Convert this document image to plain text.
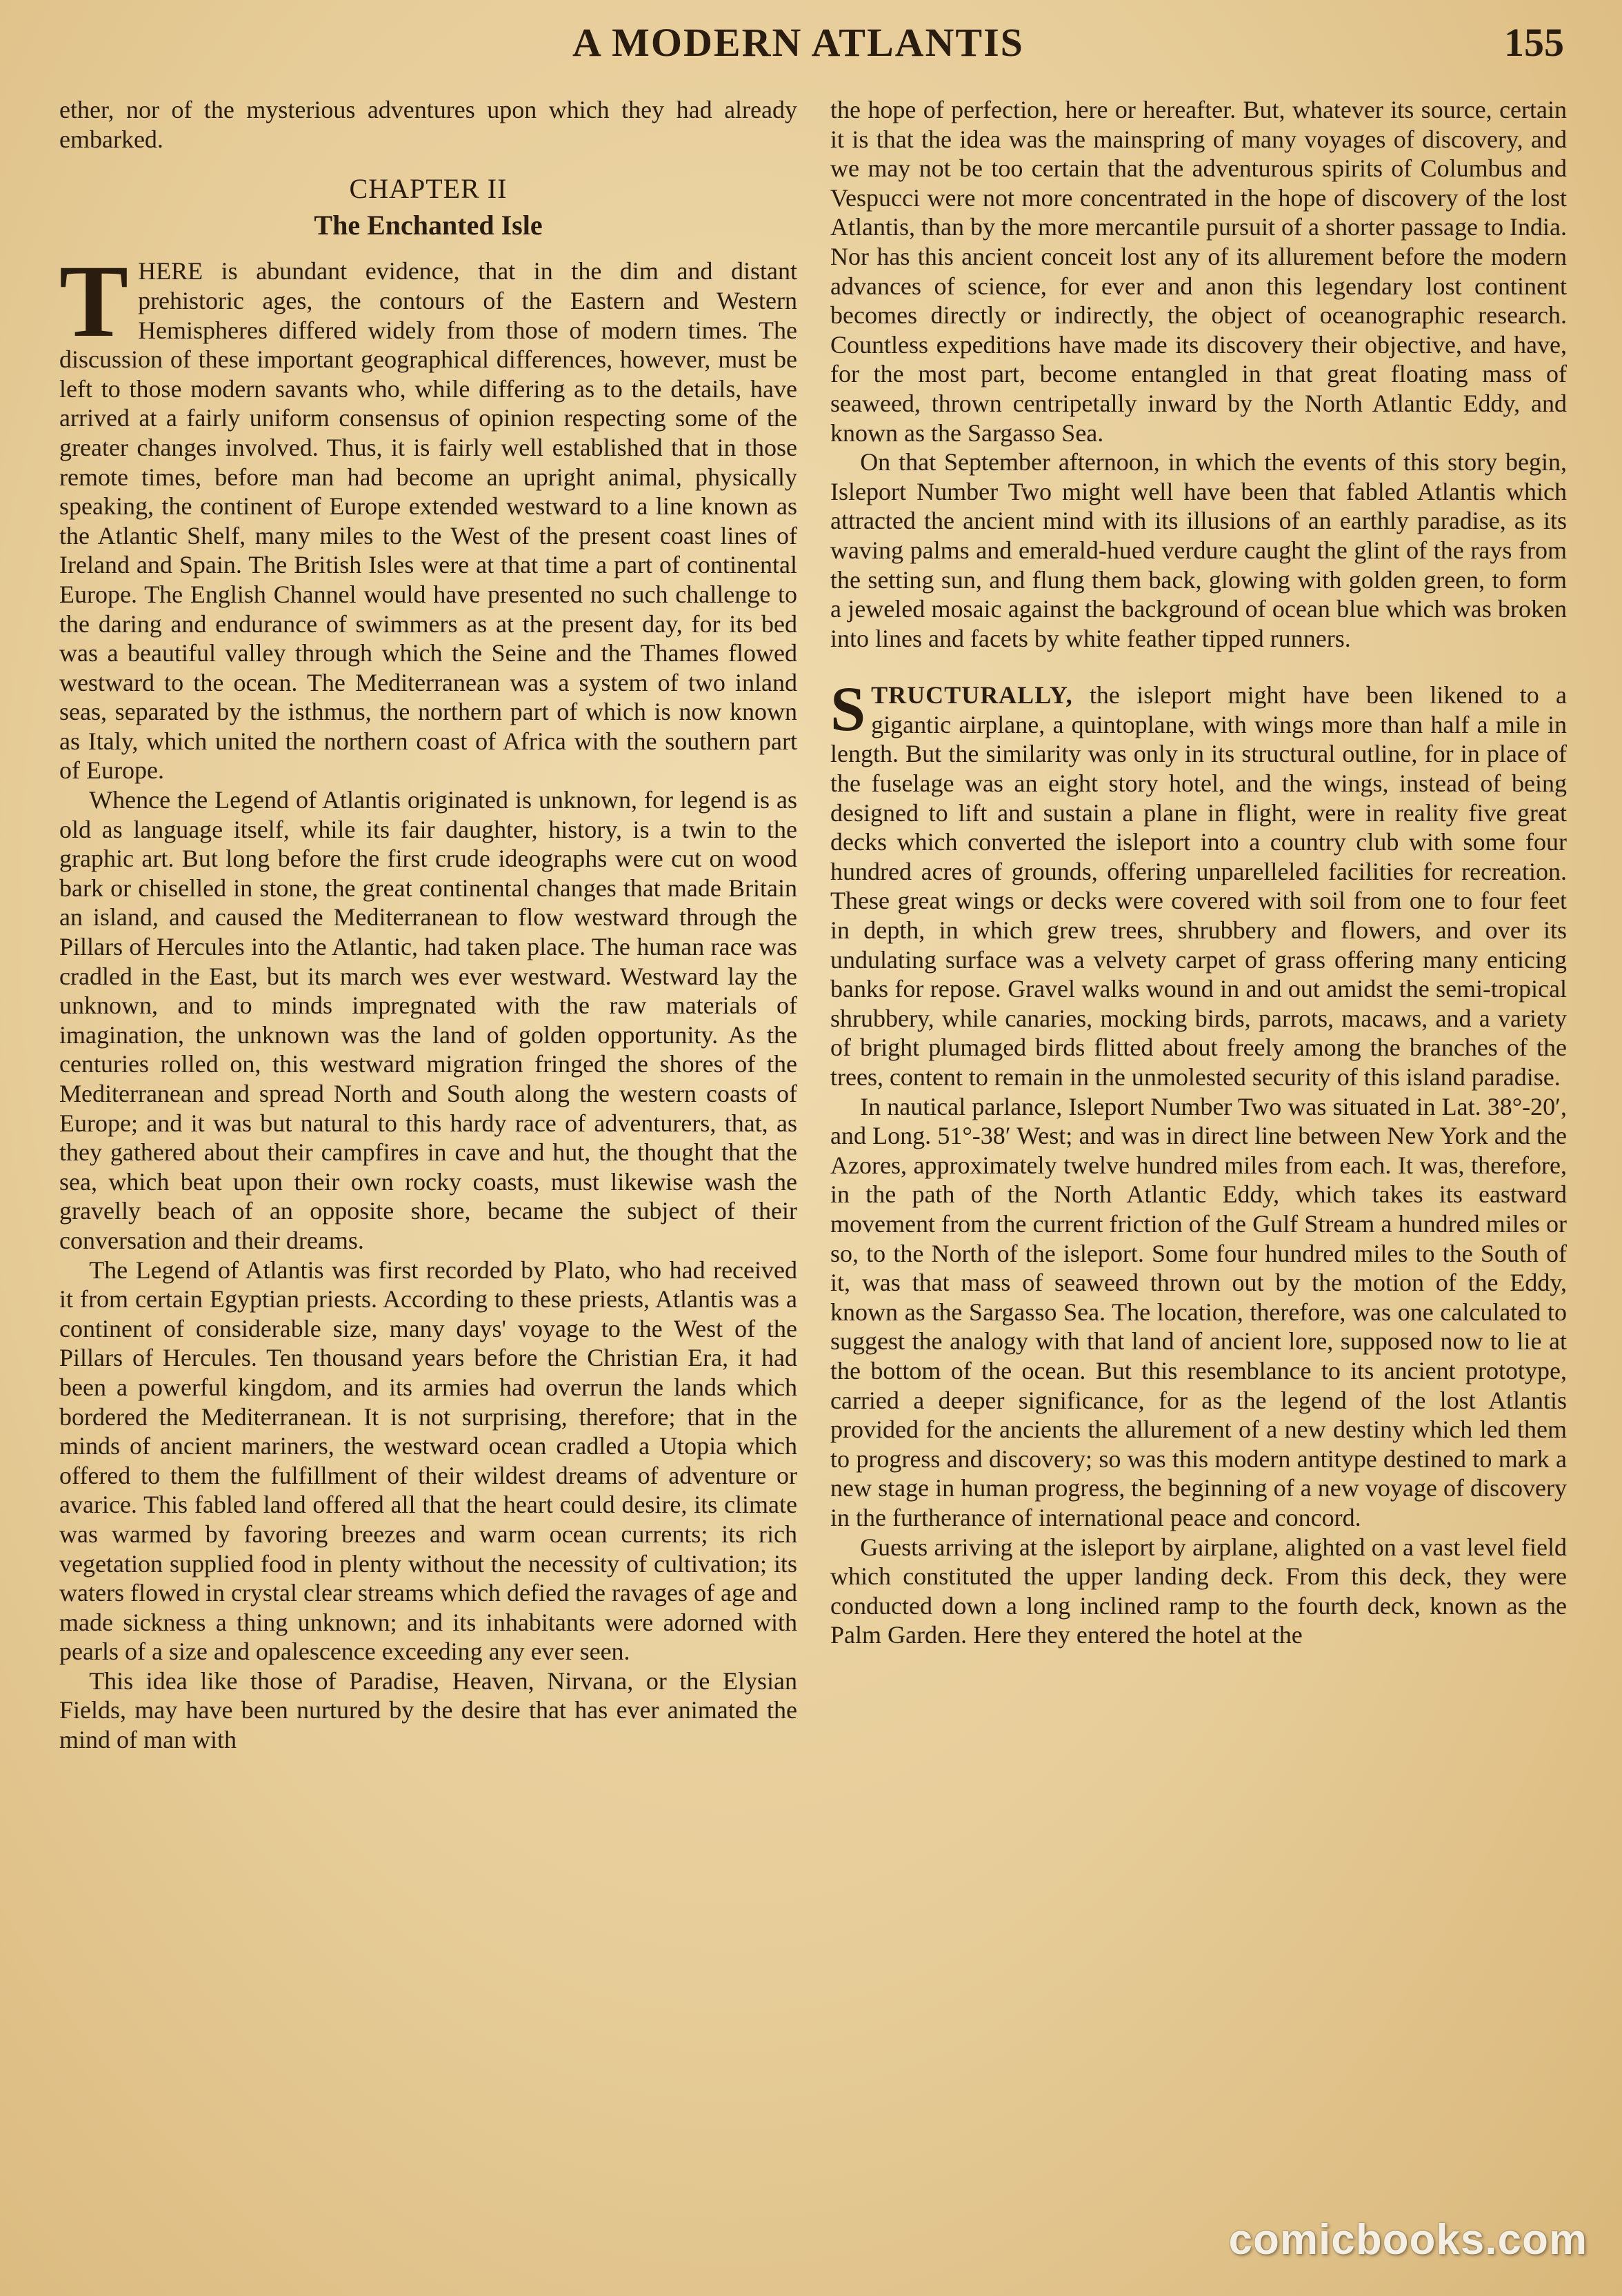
A MODERN ATLANTIS	155

ether, nor of the mysterious adventures upon which they had already embarked.

CHAPTER II
The Enchanted Isle

THERE is abundant evidence, that in the dim and distant prehistoric ages, the contours of the Eastern and Western Hemispheres differed widely from those of modern times. The discussion of these important geographical differences, however, must be left to those modern savants who, while differing as to the details, have arrived at a fairly uniform consensus of opinion respecting some of the greater changes involved. Thus, it is fairly well established that in those remote times, before man had become an upright animal, physically speaking, the continent of Europe extended westward to a line known as the Atlantic Shelf, many miles to the West of the present coast lines of Ireland and Spain. The British Isles were at that time a part of continental Europe. The English Channel would have presented no such challenge to the daring and endurance of swimmers as at the present day, for its bed was a beautiful valley through which the Seine and the Thames flowed westward to the ocean. The Mediterranean was a system of two inland seas, separated by the isthmus, the northern part of which is now known as Italy, which united the northern coast of Africa with the southern part of Europe.

Whence the Legend of Atlantis originated is unknown, for legend is as old as language itself, while its fair daughter, history, is a twin to the graphic art. But long before the first crude ideographs were cut on wood bark or chiselled in stone, the great continental changes that made Britain an island, and caused the Mediterranean to flow westward through the Pillars of Hercules into the Atlantic, had taken place. The human race was cradled in the East, but its march wes ever westward. Westward lay the unknown, and to minds impregnated with the raw materials of imagination, the unknown was the land of golden opportunity. As the centuries rolled on, this westward migration fringed the shores of the Mediterranean and spread North and South along the western coasts of Europe; and it was but natural to this hardy race of adventurers, that, as they gathered about their campfires in cave and hut, the thought that the sea, which beat upon their own rocky coasts, must likewise wash the gravelly beach of an opposite shore, became the subject of their conversation and their dreams.

The Legend of Atlantis was first recorded by Plato, who had received it from certain Egyptian priests. According to these priests, Atlantis was a continent of considerable size, many days' voyage to the West of the Pillars of Hercules. Ten thousand years before the Christian Era, it had been a powerful kingdom, and its armies had overrun the lands which bordered the Mediterranean. It is not surprising, therefore; that in the minds of ancient mariners, the westward ocean cradled a Utopia which offered to them the fulfillment of their wildest dreams of adventure or avarice. This fabled land offered all that the heart could desire, its climate was warmed by favoring breezes and warm ocean currents; its rich vegetation supplied food in plenty without the necessity of cultivation; its waters flowed in crystal clear streams which defied the ravages of age and made sickness a thing unknown; and its inhabitants were adorned with pearls of a size and opalescence exceeding any ever seen.

This idea like those of Paradise, Heaven, Nirvana, or the Elysian Fields, may have been nurtured by the desire that has ever animated the mind of man with

the hope of perfection, here or hereafter. But, whatever its source, certain it is that the idea was the mainspring of many voyages of discovery, and we may not be too certain that the adventurous spirits of Columbus and Vespucci were not more concentrated in the hope of discovery of the lost Atlantis, than by the more mercantile pursuit of a shorter passage to India. Nor has this ancient conceit lost any of its allurement before the modern advances of science, for ever and anon this legendary lost continent becomes directly or indirectly, the object of oceanographic research. Countless expeditions have made its discovery their objective, and have, for the most part, become entangled in that great floating mass of seaweed, thrown centripetally inward by the North Atlantic Eddy, and known as the Sargasso Sea.

On that September afternoon, in which the events of this story begin, Isleport Number Two might well have been that fabled Atlantis which attracted the ancient mind with its illusions of an earthly paradise, as its waving palms and emerald-hued verdure caught the glint of the rays from the setting sun, and flung them back, glowing with golden green, to form a jeweled mosaic against the background of ocean blue which was broken into lines and facets by white feather tipped runners.

STRUCTURALLY, the isleport might have been likened to a gigantic airplane, a quintoplane, with wings more than half a mile in length. But the similarity was only in its structural outline, for in place of the fuselage was an eight story hotel, and the wings, instead of being designed to lift and sustain a plane in flight, were in reality five great decks which converted the isleport into a country club with some four hundred acres of grounds, offering unparelleled facilities for recreation. These great wings or decks were covered with soil from one to four feet in depth, in which grew trees, shrubbery and flowers, and over its undulating surface was a velvety carpet of grass offering many enticing banks for repose. Gravel walks wound in and out amidst the semi-tropical shrubbery, while canaries, mocking birds, parrots, macaws, and a variety of bright plumaged birds flitted about freely among the branches of the trees, content to remain in the unmolested security of this island paradise.

In nautical parlance, Isleport Number Two was situated in Lat. 38°-20′, and Long. 51°-38′ West; and was in direct line between New York and the Azores, approximately twelve hundred miles from each. It was, therefore, in the path of the North Atlantic Eddy, which takes its eastward movement from the current friction of the Gulf Stream a hundred miles or so, to the North of the isleport. Some four hundred miles to the South of it, was that mass of seaweed thrown out by the motion of the Eddy, known as the Sargasso Sea. The location, therefore, was one calculated to suggest the analogy with that land of ancient lore, supposed now to lie at the bottom of the ocean. But this resemblance to its ancient prototype, carried a deeper significance, for as the legend of the lost Atlantis provided for the ancients the allurement of a new destiny which led them to progress and discovery; so was this modern antitype destined to mark a new stage in human progress, the beginning of a new voyage of discovery in the furtherance of international peace and concord.

Guests arriving at the isleport by airplane, alighted on a vast level field which constituted the upper landing deck. From this deck, they were conducted down a long inclined ramp to the fourth deck, known as the Palm Garden. Here they entered the hotel at the

comicbooks.com
